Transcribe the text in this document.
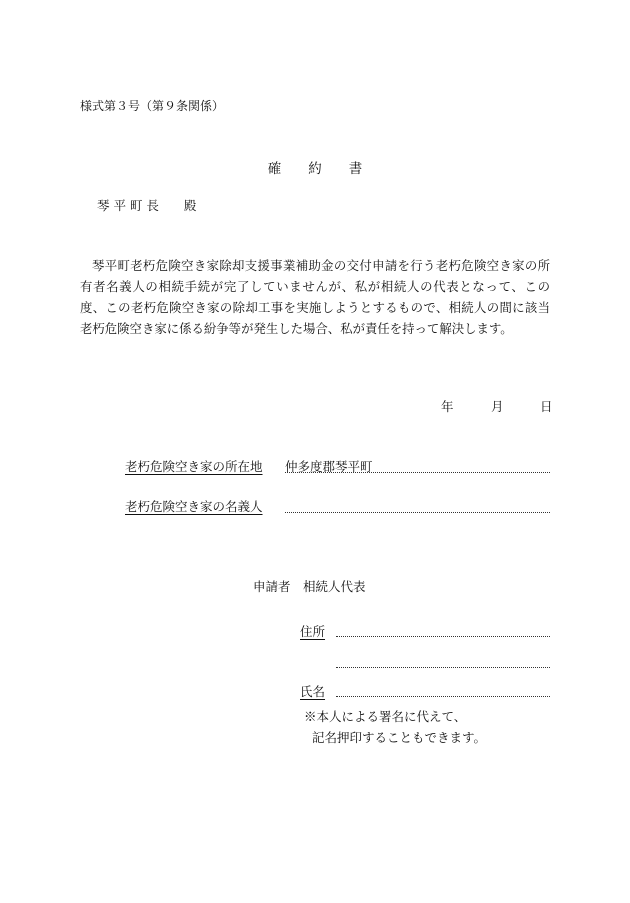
様式第３号（第９条関係）
確　　約　　書
琴 平 町 長　　殿
琴平町老朽危険空き家除却支援事業補助金の交付申請を行う老朽危険空き家の所有者名義人の相続手続が完了していませんが、私が相続人の代表となって、この度、この老朽危険空き家の除却工事を実施しようとするもので、相続人の間に該当老朽危険空き家に係る紛争等が発生した場合、私が責任を持って解決します。
年	月	日
老朽危険空き家の所在地 仲多度郡琴平町
老朽危険空き家の名義人
申請者　相続人代表
住所
氏名
※本人による署名に代えて、
記名押印することもできます。
